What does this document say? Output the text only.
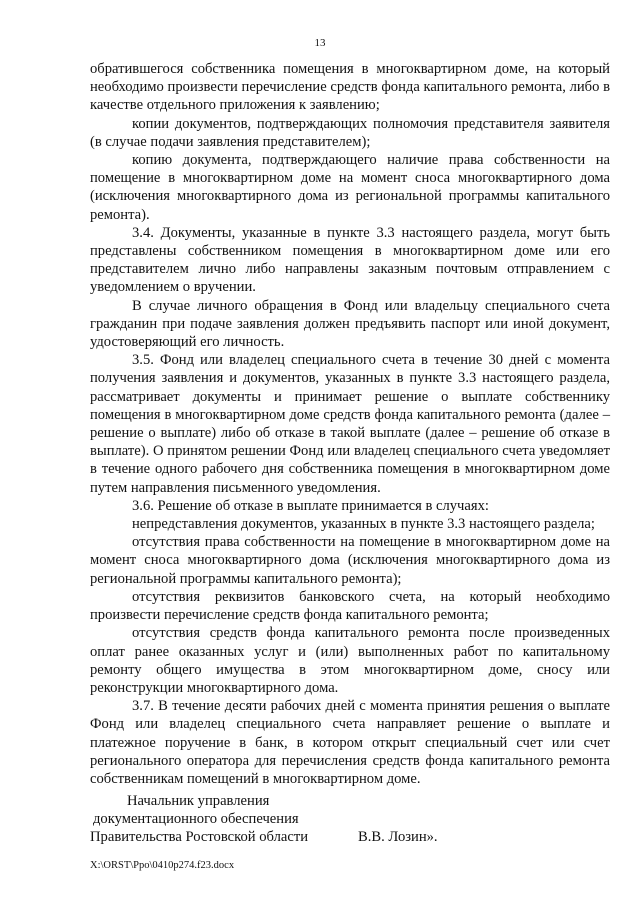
13

обратившегося собственника помещения в многоквартирном доме, на который необходимо произвести перечисление средств фонда капитального ремонта, либо в качестве отдельного приложения к заявлению;

копии документов, подтверждающих полномочия представителя заявителя (в случае подачи заявления представителем);

копию документа, подтверждающего наличие права собственности на помещение в многоквартирном доме на момент сноса многоквартирного дома (исключения многоквартирного дома из региональной программы капитального ремонта).

3.4. Документы, указанные в пункте 3.3 настоящего раздела, могут быть представлены собственником помещения в многоквартирном доме или его представителем лично либо направлены заказным почтовым отправлением с уведомлением о вручении.

В случае личного обращения в Фонд или владельцу специального счета гражданин при подаче заявления должен предъявить паспорт или иной документ, удостоверяющий его личность.

3.5. Фонд или владелец специального счета в течение 30 дней с момента получения заявления и документов, указанных в пункте 3.3 настоящего раздела, рассматривает документы и принимает решение о выплате собственнику помещения в многоквартирном доме средств фонда капитального ремонта (далее – решение о выплате) либо об отказе в такой выплате (далее – решение об отказе в выплате). О принятом решении Фонд или владелец специального счета уведомляет в течение одного рабочего дня собственника помещения в многоквартирном доме путем направления письменного уведомления.

3.6. Решение об отказе в выплате принимается в случаях:

непредставления документов, указанных в пункте 3.3 настоящего раздела;

отсутствия права собственности на помещение в многоквартирном доме на момент сноса многоквартирного дома (исключения многоквартирного дома из региональной программы капитального ремонта);

отсутствия реквизитов банковского счета, на который необходимо произвести перечисление средств фонда капитального ремонта;

отсутствия средств фонда капитального ремонта после произведенных оплат ранее оказанных услуг и (или) выполненных работ по капитальному ремонту общего имущества в этом многоквартирном доме, сносу или реконструкции многоквартирного дома.

3.7. В течение десяти рабочих дней с момента принятия решения о выплате Фонд или владелец специального счета направляет решение о выплате и платежное поручение в банк, в котором открыт специальный счет или счет регионального оператора для перечисления средств фонда капитального ремонта собственникам помещений в многоквартирном доме.

Начальник управления
документационного обеспечения
Правительства Ростовской области	В.В. Лозин».
X:\ORST\Ppo\0410p274.f23.docx
